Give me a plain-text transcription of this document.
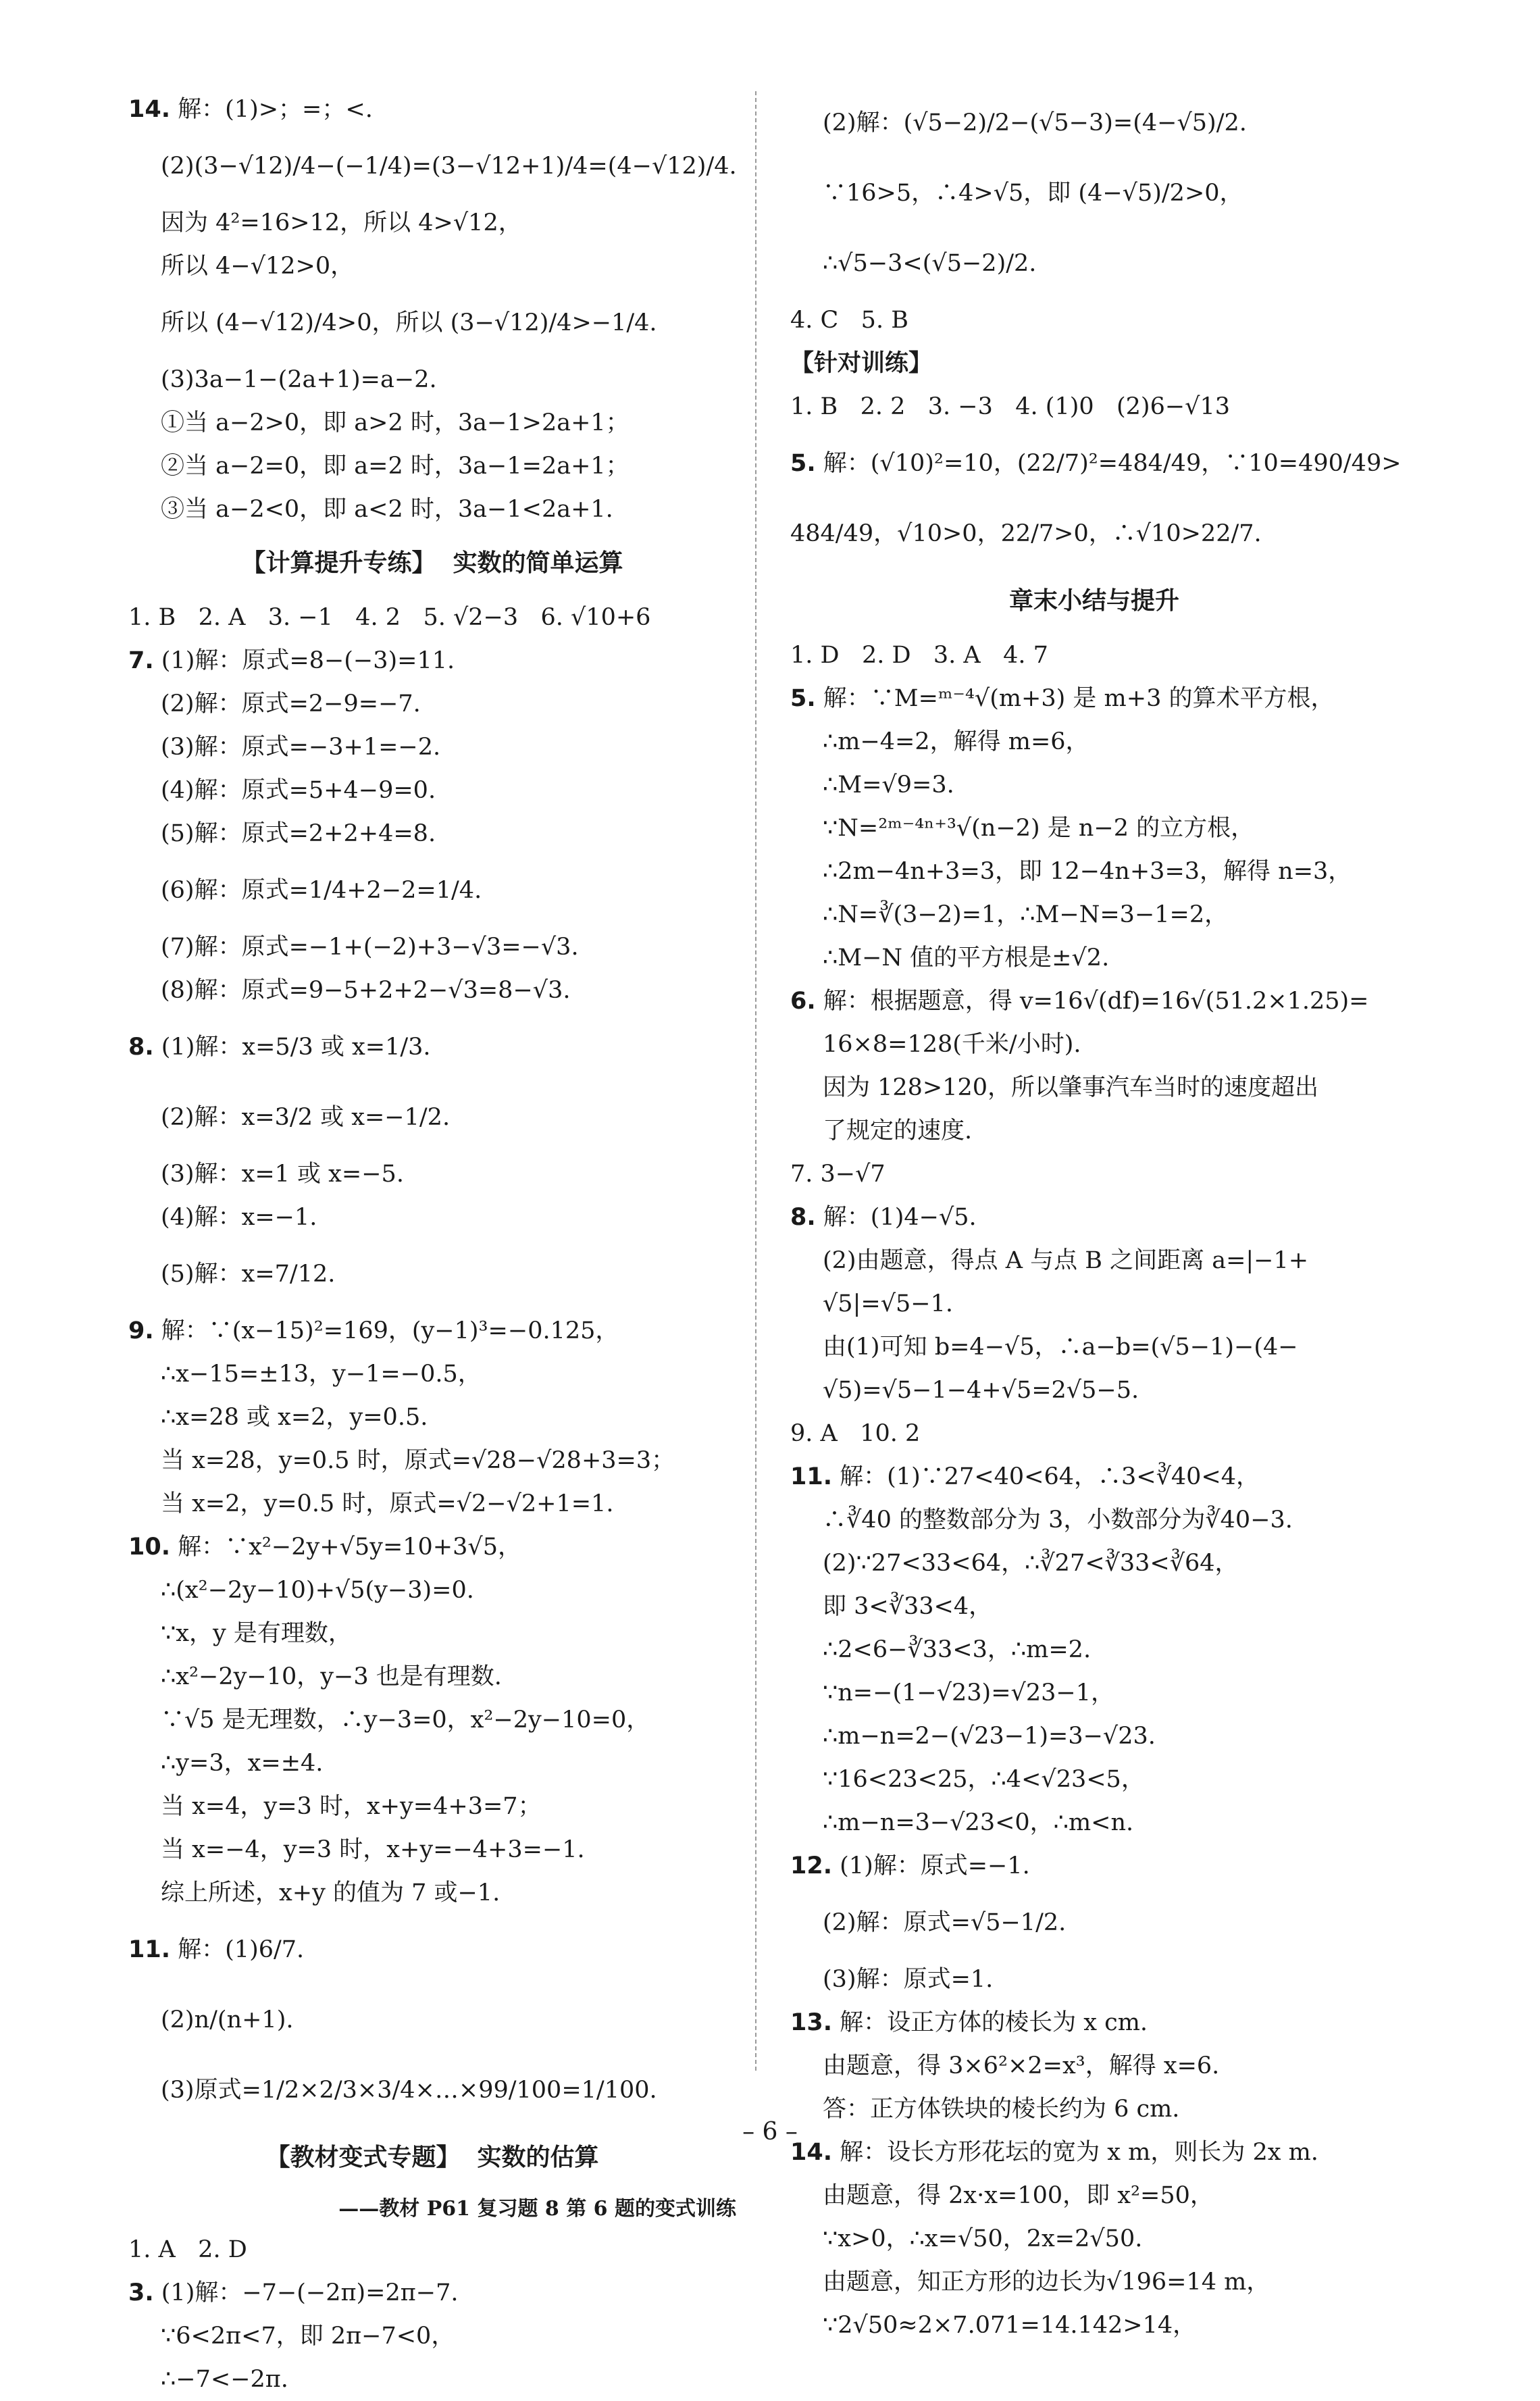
14. 解：(1)>；=；<.
(2)(3−√12)/4−(−1/4)=(3−√12+1)/4=(4−√12)/4.
因为 4²=16>12，所以 4>√12，
所以 4−√12>0，
所以 (4−√12)/4>0，所以 (3−√12)/4>−1/4.
(3)3a−1−(2a+1)=a−2.
①当 a−2>0，即 a>2 时，3a−1>2a+1；
②当 a−2=0，即 a=2 时，3a−1=2a+1；
③当 a−2<0，即 a<2 时，3a−1<2a+1.
【计算提升专练】  实数的简单运算
1. B   2. A   3. −1   4. 2   5. √2−3   6. √10+6
7. (1)解：原式=8−(−3)=11.
(2)解：原式=2−9=−7.
(3)解：原式=−3+1=−2.
(4)解：原式=5+4−9=0.
(5)解：原式=2+2+4=8.
(6)解：原式=1/4+2−2=1/4.
(7)解：原式=−1+(−2)+3−√3=−√3.
(8)解：原式=9−5+2+2−√3=8−√3.
8. (1)解：x=5/3 或 x=1/3.
(2)解：x=3/2 或 x=−1/2.
(3)解：x=1 或 x=−5.
(4)解：x=−1.
(5)解：x=7/12.
9. 解：∵(x−15)²=169，(y−1)³=−0.125，
∴x−15=±13，y−1=−0.5，
∴x=28 或 x=2，y=0.5.
当 x=28，y=0.5 时，原式=√28−√28+3=3；
当 x=2，y=0.5 时，原式=√2−√2+1=1.
10. 解：∵x²−2y+√5y=10+3√5，
∴(x²−2y−10)+√5(y−3)=0.
∵x，y 是有理数，
∴x²−2y−10，y−3 也是有理数.
∵√5 是无理数，∴y−3=0，x²−2y−10=0，
∴y=3，x=±4.
当 x=4，y=3 时，x+y=4+3=7；
当 x=−4，y=3 时，x+y=−4+3=−1.
综上所述，x+y 的值为 7 或−1.
11. 解：(1)6/7.
(2)n/(n+1).
(3)原式=1/2×2/3×3/4×…×99/100=1/100.
【教材变式专题】  实数的估算
——教材 P61 复习题 8 第 6 题的变式训练
1. A   2. D
3. (1)解：−7−(−2π)=2π−7.
∵6<2π<7，即 2π−7<0，
∴−7<−2π.
(2)解：(√5−2)/2−(√5−3)=(4−√5)/2.
∵16>5，∴4>√5，即 (4−√5)/2>0，
∴√5−3<(√5−2)/2.
4. C   5. B
【针对训练】
1. B   2. 2   3. −3   4. (1)0   (2)6−√13
5. 解：(√10)²=10，(22/7)²=484/49，∵10=490/49>
484/49，√10>0，22/7>0，∴√10>22/7.
章末小结与提升
1. D   2. D   3. A   4. 7
5. 解：∵M=ᵐ⁻⁴√(m+3) 是 m+3 的算术平方根，
∴m−4=2，解得 m=6，
∴M=√9=3.
∵N=²ᵐ⁻⁴ⁿ⁺³√(n−2) 是 n−2 的立方根，
∴2m−4n+3=3，即 12−4n+3=3，解得 n=3，
∴N=∛(3−2)=1，∴M−N=3−1=2，
∴M−N 值的平方根是±√2.
6. 解：根据题意，得 v=16√(df)=16√(51.2×1.25)=
16×8=128(千米/小时).
因为 128>120，所以肇事汽车当时的速度超出
了规定的速度.
7. 3−√7
8. 解：(1)4−√5.
(2)由题意，得点 A 与点 B 之间距离 a=|−1+
√5|=√5−1.
由(1)可知 b=4−√5，∴a−b=(√5−1)−(4−
√5)=√5−1−4+√5=2√5−5.
9. A   10. 2
11. 解：(1)∵27<40<64，∴3<∛40<4，
∴∛40 的整数部分为 3，小数部分为∛40−3.
(2)∵27<33<64，∴∛27<∛33<∛64，
即 3<∛33<4，
∴2<6−∛33<3，∴m=2.
∵n=−(1−√23)=√23−1，
∴m−n=2−(√23−1)=3−√23.
∵16<23<25，∴4<√23<5，
∴m−n=3−√23<0，∴m<n.
12. (1)解：原式=−1.
(2)解：原式=√5−1/2.
(3)解：原式=1.
13. 解：设正方体的棱长为 x cm.
由题意，得 3×6²×2=x³，解得 x=6.
答：正方体铁块的棱长约为 6 cm.
14. 解：设长方形花坛的宽为 x m，则长为 2x m.
由题意，得 2x·x=100，即 x²=50，
∵x>0，∴x=√50，2x=2√50.
由题意，知正方形的边长为√196=14 m，
∵2√50≈2×7.071=14.142>14，
– 6 –
